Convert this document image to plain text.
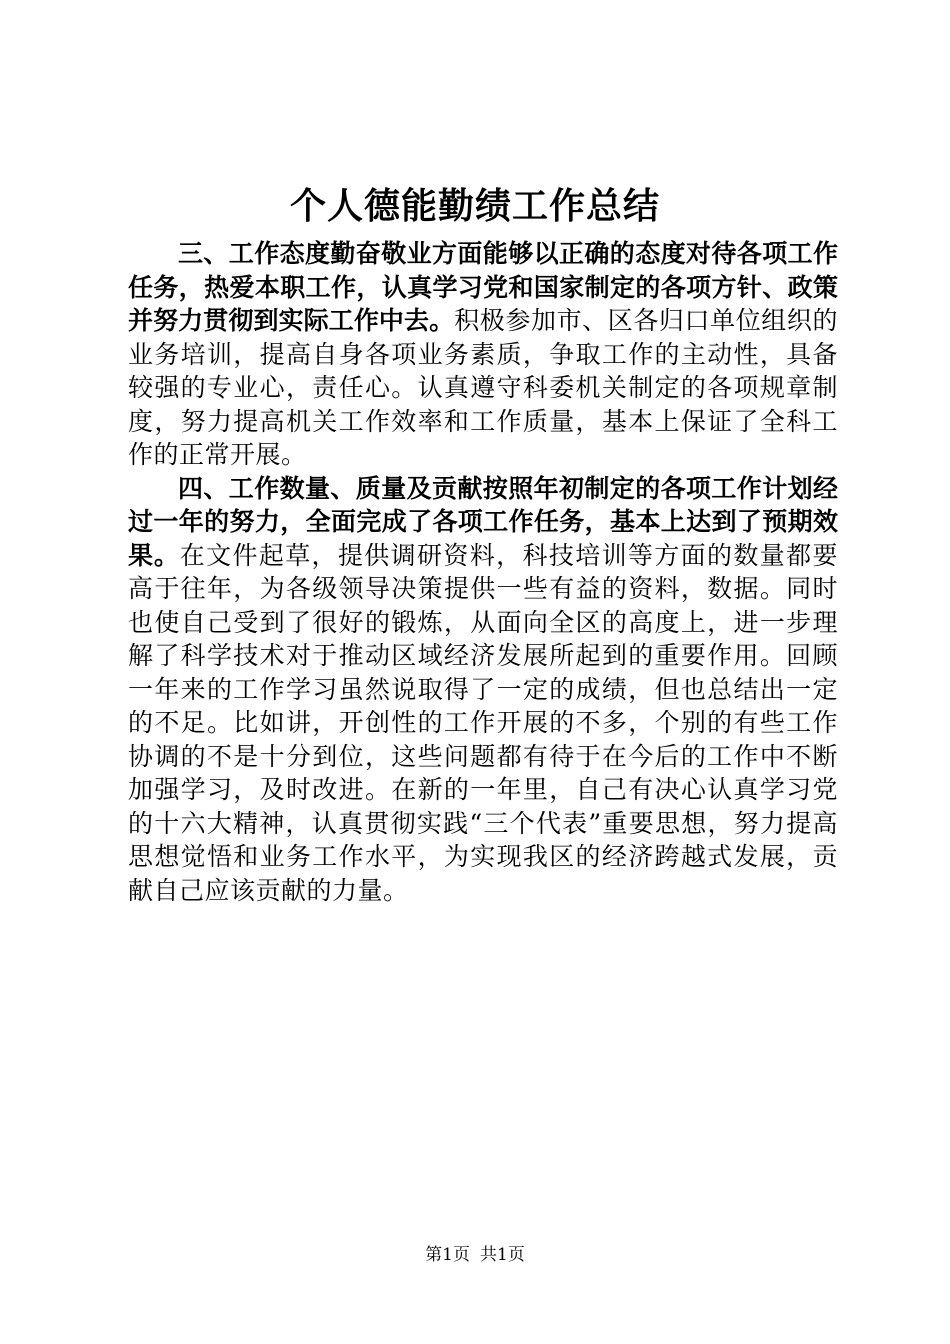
个人德能勤绩工作总结

三、工作态度勤奋敬业方面能够以正确的态度对待各项工作任务，热爱本职工作，认真学习党和国家制定的各项方针、政策并努力贯彻到实际工作中去。积极参加市、区各归口单位组织的业务培训，提高自身各项业务素质，争取工作的主动性，具备较强的专业心，责任心。认真遵守科委机关制定的各项规章制度，努力提高机关工作效率和工作质量，基本上保证了全科工作的正常开展。

四、工作数量、质量及贡献按照年初制定的各项工作计划经过一年的努力，全面完成了各项工作任务，基本上达到了预期效果。在文件起草，提供调研资料，科技培训等方面的数量都要高于往年，为各级领导决策提供一些有益的资料，数据。同时也使自己受到了很好的锻炼，从面向全区的高度上，进一步理解了科学技术对于推动区域经济发展所起到的重要作用。回顾一年来的工作学习虽然说取得了一定的成绩，但也总结出一定的不足。比如讲，开创性的工作开展的不多，个别的有些工作协调的不是十分到位，这些问题都有待于在今后的工作中不断加强学习，及时改进。在新的一年里，自己有决心认真学习党的十六大精神，认真贯彻实践“三个代表”重要思想，努力提高思想觉悟和业务工作水平，为实现我区的经济跨越式发展，贡献自己应该贡献的力量。

第1页 共1页
